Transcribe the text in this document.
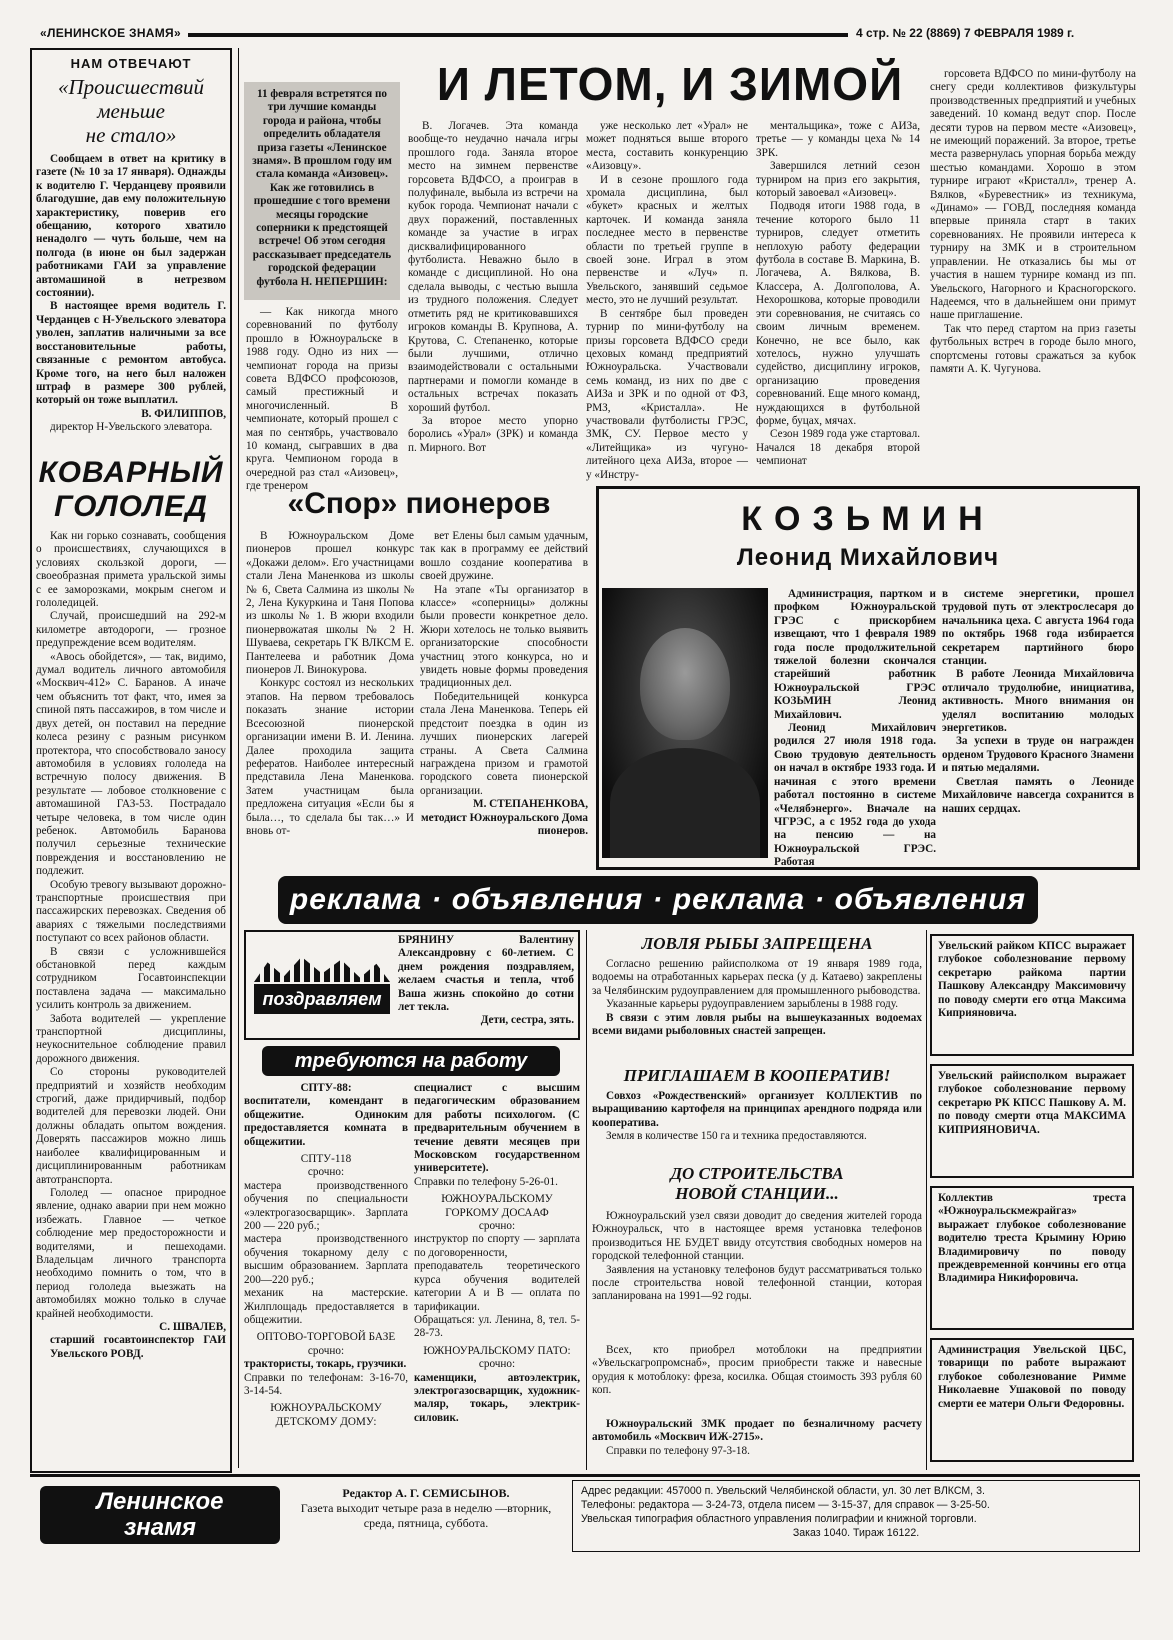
«ЛЕНИНСКОЕ ЗНАМЯ»	4 стр. № 22 (8869) 7 ФЕВРАЛЯ 1989 г.
НАМ ОТВЕЧАЮТ
«Происшествий
меньше
не стало»

Сообщаем в ответ на критику в газете (№ 10 за 17 января). Однажды к водителю Г. Черданцеву проявили благодушие, дав ему положительную характеристику, поверив его обещанию, которого хватило ненадолго — чуть больше, чем на полгода (в июне он был задержан работниками ГАИ за управление автомашиной в нетрезвом состоянии).

В настоящее время водитель Г. Черданцев с Н-Увельского элеватора уволен, заплатив наличными за все восстановительные работы, связанные с ремонтом автобуса. Кроме того, на него был наложен штраф в размере 300 рублей, который он тоже выплатил.

В. ФИЛИППОВ,
директор Н-Увельского элеватора.
КОВАРНЫЙ
ГОЛОЛЕД

Как ни горько сознавать, сообщения о происшествиях, случающихся в условиях скользкой дороги, — своеобразная примета уральской зимы с ее заморозками, мокрым снегом и гололедицей.

Случай, происшедший на 292-м километре автодороги, — грозное предупреждение всем водителям.

«Авось обойдется», — так, видимо, думал водитель личного автомобиля «Москвич-412» С. Баранов. А иначе чем объяснить тот факт, что, имея за спиной пять пассажиров, в том числе и двух детей, он поставил на передние колеса резину с разным рисунком протектора, что способствовало заносу автомобиля в условиях гололеда на встречную полосу движения. В результате — лобовое столкновение с автомашиной ГАЗ-53. Пострадало четыре человека, в том числе один ребенок. Автомобиль Баранова получил серьезные технические повреждения и восстановлению не подлежит.

Особую тревогу вызывают дорожно-транспортные происшествия при пассажирских перевозках. Сведения об авариях с тяжелыми последствиями поступают со всех районов области.

В связи с усложнившейся обстановкой перед каждым сотрудником Госавтоинспекции поставлена задача — максимально усилить контроль за движением.

Забота водителей — укрепление транспортной дисциплины, неукоснительное соблюдение правил дорожного движения.

Со стороны руководителей предприятий и хозяйств необходим строгий, даже придирчивый, подбор водителей для перевозки людей. Они должны обладать опытом вождения. Доверять пассажиров можно лишь наиболее квалифицированным и дисциплинированным работникам автотранспорта.

Гололед — опасное природное явление, однако аварии при нем можно избежать. Главное — четкое соблюдение мер предосторожности и водителями, и пешеходами. Владельцам личного транспорта необходимо помнить о том, что в период гололеда выезжать на автомобилях можно только в случае крайней необходимости.

С. ШВАЛЕВ,
старший госавтоинспектор ГАИ Увельского РОВД.
11 февраля встретятся по три лучшие команды города и района, чтобы определить обладателя приза газеты «Ленинское знамя». В прошлом году им стала команда «Аизовец». Как же готовились в прошедшие с того времени месяцы городские соперники к предстоящей встрече! Об этом сегодня рассказывает председатель городской федерации футбола Н. НЕПЕРШИН:
И ЛЕТОМ, И ЗИМОЙ

— Как никогда много соревнований по футболу прошло в Южноуральске в 1988 году. Одно из них — чемпионат города на призы совета ВДФСО профсоюзов, самый престижный и многочисленный. В чемпионате, который прошел с мая по сентябрь, участвовало 10 команд, сыгравших в два круга. Чемпионом города в очередной раз стал «Аизовец», где тренером

В. Логачев. Эта команда вообще-то неудачно начала игры прошлого года. Заняла второе место на зимнем первенстве горсовета ВДФСО, а проиграв в полуфинале, выбыла из встречи на кубок города. Чемпионат начали с двух поражений, поставленных команде за участие в играх дисквалифицированного футболиста. Неважно было в команде с дисциплиной. Но она сделала выводы, с честью вышла из трудного положения. Следует отметить ряд не критиковавшихся игроков команды В. Крупнова, А. Крутова, С. Степаненко, которые были лучшими, отлично взаимодействовали с остальными партнерами и помогли команде в остальных встречах показать хороший футбол.

За второе место упорно боролись «Урал» (ЗРК) и команда п. Мирного. Вот

уже несколько лет «Урал» не может подняться выше второго места, составить конкуренцию «Аизовцу».

И в сезоне прошлого года хромала дисциплина, был «букет» красных и желтых карточек. И команда заняла последнее место в первенстве области по третьей группе в своей зоне. Играл в этом первенстве и «Луч» п. Увельского, занявший седьмое место, это не лучший результат.

В сентябре был проведен турнир по мини-футболу на призы горсовета ВДФСО среди цеховых команд предприятий Южноуральска. Участвовали семь команд, из них по две с АИЗа и ЗРК и по одной от ФЗ, РМЗ, «Кристалла». Не участвовали футболисты ГРЭС, ЗМК, СУ. Первое место у «Литейщика» из чугуно-литейного цеха АИЗа, второе — у «Инстру-

ментальщика», тоже с АИЗа, третье — у команды цеха № 14 ЗРК.

Завершился летний сезон турниром на приз его закрытия, который завоевал «Аизовец».

Подводя итоги 1988 года, в течение которого было 11 турниров, следует отметить неплохую работу федерации футбола в составе В. Маркина, В. Логачева, А. Вялкова, В. Классера, А. Долгополова, А. Нехорошкова, которые проводили эти соревнования, не считаясь со своим личным временем. Конечно, не все было, как хотелось, нужно улучшать судейство, дисциплину игроков, организацию проведения соревнований. Еще много команд, нуждающихся в футбольной форме, буцах, мячах.

Сезон 1989 года уже стартовал. Начался 18 декабря второй чемпионат

горсовета ВДФСО по мини-футболу на снегу среди коллективов физкультуры производственных предприятий и учебных заведений. 10 команд ведут спор. После десяти туров на первом месте «Аизовец», не имеющий поражений. За второе, третье места развернулась упорная борьба между шестью командами. Хорошо в этом турнире играют «Кристалл», тренер А. Вялков, «Буревестник» из техникума, «Динамо» — ГОВД, последняя команда впервые приняла старт в таких соревнованиях. Не проявили интереса к турниру на ЗМК и в строительном управлении. Не отказались бы мы от участия в нашем турнире команд из пп. Увельского, Нагорного и Красногорского. Надеемся, что в дальнейшем они примут наше приглашение.

Так что перед стартом на приз газеты футбольных встреч в городе было много, спортсмены готовы сражаться за кубок памяти А. К. Чугунова.

«Спор» пионеров

В Южноуральском Доме пионеров прошел конкурс «Докажи делом». Его участницами стали Лена Маненкова из школы № 6, Света Салмина из школы № 2, Лена Кукуркина и Таня Попова из школы № 1. В жюри входили пионервожатая школы № 2 Н. Шуваева, секретарь ГК ВЛКСМ Е. Пантелеева и работник Дома пионеров Л. Винокурова.

Конкурс состоял из нескольких этапов. На первом требовалось показать знание истории Всесоюзной пионерской организации имени В. И. Ленина. Далее проходила защита рефератов. Наиболее интересный представила Лена Маненкова. Затем участницам была предложена ситуация «Если бы я была…, то сделала бы так…» И вновь от-

вет Елены был самым удачным, так как в программу ее действий вошло создание кооператива в своей дружине.

На этапе «Ты организатор в классе» «соперницы» должны были провести конкретное дело. Жюри хотелось не только выявить организаторские способности участниц этого конкурса, но и увидеть новые формы проведения традиционных дел.

Победительницей конкурса стала Лена Маненкова. Теперь ей предстоит поездка в один из лучших пионерских лагерей страны. А Света Салмина награждена призом и грамотой городского совета пионерской организации.

М. СТЕПАНЕНКОВА,
методист Южноуральского Дома пионеров.
КОЗЬМИН
Леонид Михайлович

Администрация, партком и профком Южноуральской ГРЭС с прискорбием извещают, что 1 февраля 1989 года после продолжительной тяжелой болезни скончался старейший работник Южноуральской ГРЭС КОЗЬМИН Леонид Михайлович.

Леонид Михайлович родился 27 июля 1918 года. Свою трудовую деятельность он начал в октябре 1933 года. И начиная с этого времени работал постоянно в системе «Челябэнерго». Вначале на ЧГРЭС, а с 1952 года до ухода на пенсию — на Южноуральской ГРЭС. Работая

в системе энергетики, прошел трудовой путь от электрослесаря до начальника цеха. С августа 1964 года по октябрь 1968 года избирается секретарем партийного бюро станции.

В работе Леонида Михайловича отличало трудолюбие, инициатива, активность. Много внимания он уделял воспитанию молодых энергетиков.

За успехи в труде он награжден орденом Трудового Красного Знамени и пятью медалями.

Светлая память о Леониде Михайловиче навсегда сохранится в наших сердцах.

реклама · объявления · реклама · объявления
поздравляем

БРЯНИНУ Валентину Александровну с 60-летием. С днем рождения поздравляем, желаем счастья и тепла, чтоб Ваша жизнь спокойно до сотни лет текла.

Дети, сестра, зять.
требуются на работу
СПТУ-88:
воспитатели, комендант в общежитие. Одиноким предоставляется комната в общежитии.
СПТУ-118
срочно:
мастера производственного обучения по специальности «электрогазосварщик». Зарплата 200 — 220 руб.;
мастера производственного обучения токарному делу с высшим образованием. Зарплата 200—220 руб.;
механик на мастерские. Жилплощадь предоставляется в общежитии.
ОПТОВО-ТОРГОВОЙ БАЗЕ
срочно:
трактористы, токарь, грузчики.
Справки по телефонам: 3-16-70, 3-14-54.
ЮЖНОУРАЛЬСКОМУ ДЕТСКОМУ ДОМУ:
специалист с высшим педагогическим образованием для работы психологом. (С предварительным обучением в течение девяти месяцев при Московском государственном университете).
Справки по телефону 5-26-01.
ЮЖНОУРАЛЬСКОМУ ГОРКОМУ ДОСААФ
срочно:
инструктор по спорту — зарплата по договоренности,
преподаватель теоретического курса обучения водителей категории А и В — оплата по тарификации.
Обращаться: ул. Ленина, 8, тел. 5-28-73.
ЮЖНОУРАЛЬСКОМУ ПАТО:
срочно:
каменщики, автоэлектрик, электрогазосварщик, художник-маляр, токарь, электрик-силовик.
ЛОВЛЯ РЫБЫ ЗАПРЕЩЕНА

Согласно решению райисполкома от 19 января 1989 года, водоемы на отработанных карьерах песка (у д. Катаево) закреплены за Челябинским рудоуправлением для промышленного рыбоводства.

Указанные карьеры рудоуправлением зарыблены в 1988 году.

В связи с этим ловля рыбы на вышеуказанных водоемах всеми видами рыболовных снастей запрещен.

ПРИГЛАШАЕМ В КООПЕРАТИВ!

Совхоз «Рождественский» организует КОЛЛЕКТИВ по выращиванию картофеля на принципах арендного подряда или кооператива.

Земля в количестве 150 га и техника предоставляются.

ДО СТРОИТЕЛЬСТВА
НОВОЙ СТАНЦИИ...

Южноуральский узел связи доводит до сведения жителей города Южноуральск, что в настоящее время установка телефонов производиться НЕ БУДЕТ ввиду отсутствия свободных номеров на городской телефонной станции.

Заявления на установку телефонов будут рассматриваться только после строительства новой телефонной станции, которая запланирована на 1991—92 годы.

Всех, кто приобрел мотоблоки на предприятии «Увельскагропромснаб», просим приобрести также и навесные орудия к мотоблоку: фреза, косилка. Общая стоимость 393 рубля 60 коп.

Южноуральский ЗМК продает по безналичному расчету автомобиль «Москвич ИЖ-2715».

Справки по телефону 97-3-18.

Увельский райком КПСС выражает глубокое соболезнование первому секретарю райкома партии Пашкову Александру Максимовичу по поводу смерти его отца Максима Киприяновича.
Увельский райисполком выражает глубокое соболезнование первому секретарю РК КПСС Пашкову А. М. по поводу смерти отца МАКСИМА КИПРИЯНОВИЧА.
Коллектив треста «Южноуральскмежрайгаз» выражает глубокое соболезнование водителю треста Крымину Юрию Владимировичу по поводу преждевременной кончины его отца Владимира Никифоровича.
Администрация Увельской ЦБС, товарищи по работе выражают глубокое соболезнование Римме Николаевне Ушаковой по поводу смерти ее матери Ольги Федоровны.
Ленинское
знамя
Редактор А. Г. СЕМИСЫНОВ.
Газета выходит четыре раза в неделю —вторник, среда, пятница, суббота.
Адрес редакции: 457000 п. Увельский Челябинской области, ул. 30 лет ВЛКСМ, 3.
Телефоны: редактора — 3-24-73, отдела писем — 3-15-37, для справок — 3-25-50.
Увельская типография областного управления полиграфии и книжной торговли.
Заказ 1040. Тираж 16122.
